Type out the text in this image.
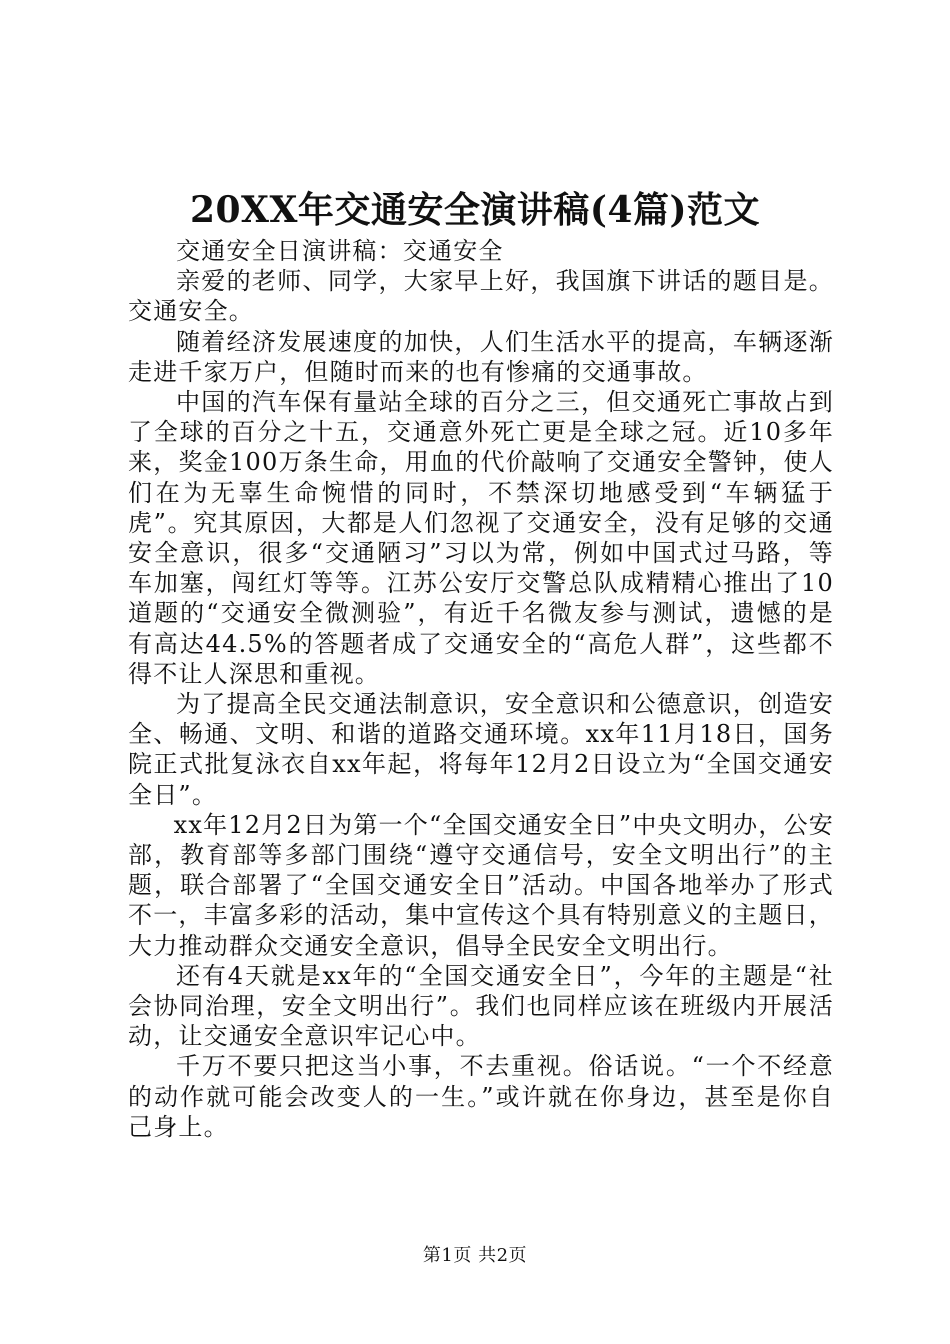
20XX年交通安全演讲稿(4篇)范文

交通安全日演讲稿：交通安全

亲爱的老师、同学，大家早上好，我国旗下讲话的题目是。交通安全。

随着经济发展速度的加快，人们生活水平的提高，车辆逐渐走进千家万户，但随时而来的也有惨痛的交通事故。

中国的汽车保有量站全球的百分之三，但交通死亡事故占到了全球的百分之十五，交通意外死亡更是全球之冠。近10多年来，奖金100万条生命，用血的代价敲响了交通安全警钟，使人们在为无辜生命惋惜的同时，不禁深切地感受到“车辆猛于虎”。究其原因，大都是人们忽视了交通安全，没有足够的交通安全意识，很多“交通陋习”习以为常，例如中国式过马路，等车加塞，闯红灯等等。江苏公安厅交警总队成精精心推出了10道题的“交通安全微测验”，有近千名微友参与测试，遗憾的是有高达44.5%的答题者成了交通安全的“高危人群”，这些都不得不让人深思和重视。

为了提高全民交通法制意识，安全意识和公德意识，创造安全、畅通、文明、和谐的道路交通环境。xx年11月18日，国务院正式批复泳衣自xx年起，将每年12月2日设立为“全国交通安全日”。

xx年12月2日为第一个“全国交通安全日”中央文明办，公安部，教育部等多部门围绕“遵守交通信号，安全文明出行”的主题，联合部署了“全国交通安全日”活动。中国各地举办了形式不一，丰富多彩的活动，集中宣传这个具有特别意义的主题日，大力推动群众交通安全意识，倡导全民安全文明出行。

还有4天就是xx年的“全国交通安全日”，今年的主题是“社会协同治理，安全文明出行”。我们也同样应该在班级内开展活动，让交通安全意识牢记心中。

千万不要只把这当小事，不去重视。俗话说。“一个不经意的动作就可能会改变人的一生。”或许就在你身边，甚至是你自己身上。

第1页 共2页
